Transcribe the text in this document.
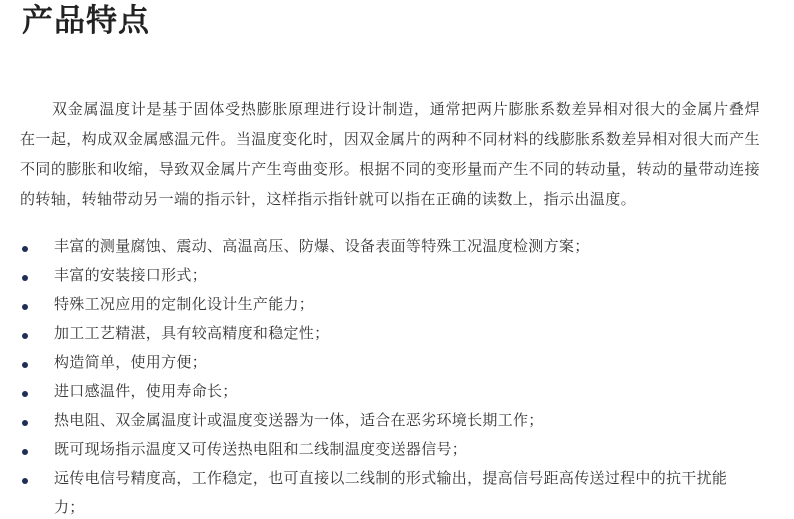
产品特点

双金属温度计是基于固体受热膨胀原理进行设计制造，通常把两片膨胀系数差异相对很大的金属片叠焊在一起，构成双金属感温元件。当温度变化时，因双金属片的两种不同材料的线膨胀系数差异相对很大而产生不同的膨胀和收缩，导致双金属片产生弯曲变形。根据不同的变形量而产生不同的转动量，转动的量带动连接的转轴，转轴带动另一端的指示针，这样指示指针就可以指在正确的读数上，指示出温度。

丰富的测量腐蚀、震动、高温高压、防爆、设备表面等特殊工况温度检测方案；
丰富的安装接口形式；
特殊工况应用的定制化设计生产能力；
加工工艺精湛，具有较高精度和稳定性；
构造简单，使用方便；
进口感温件，使用寿命长；
热电阻、双金属温度计或温度变送器为一体，适合在恶劣环境长期工作；
既可现场指示温度又可传送热电阻和二线制温度变送器信号；
远传电信号精度高，工作稳定，也可直接以二线制的形式输出，提高信号距高传送过程中的抗干扰能力；
